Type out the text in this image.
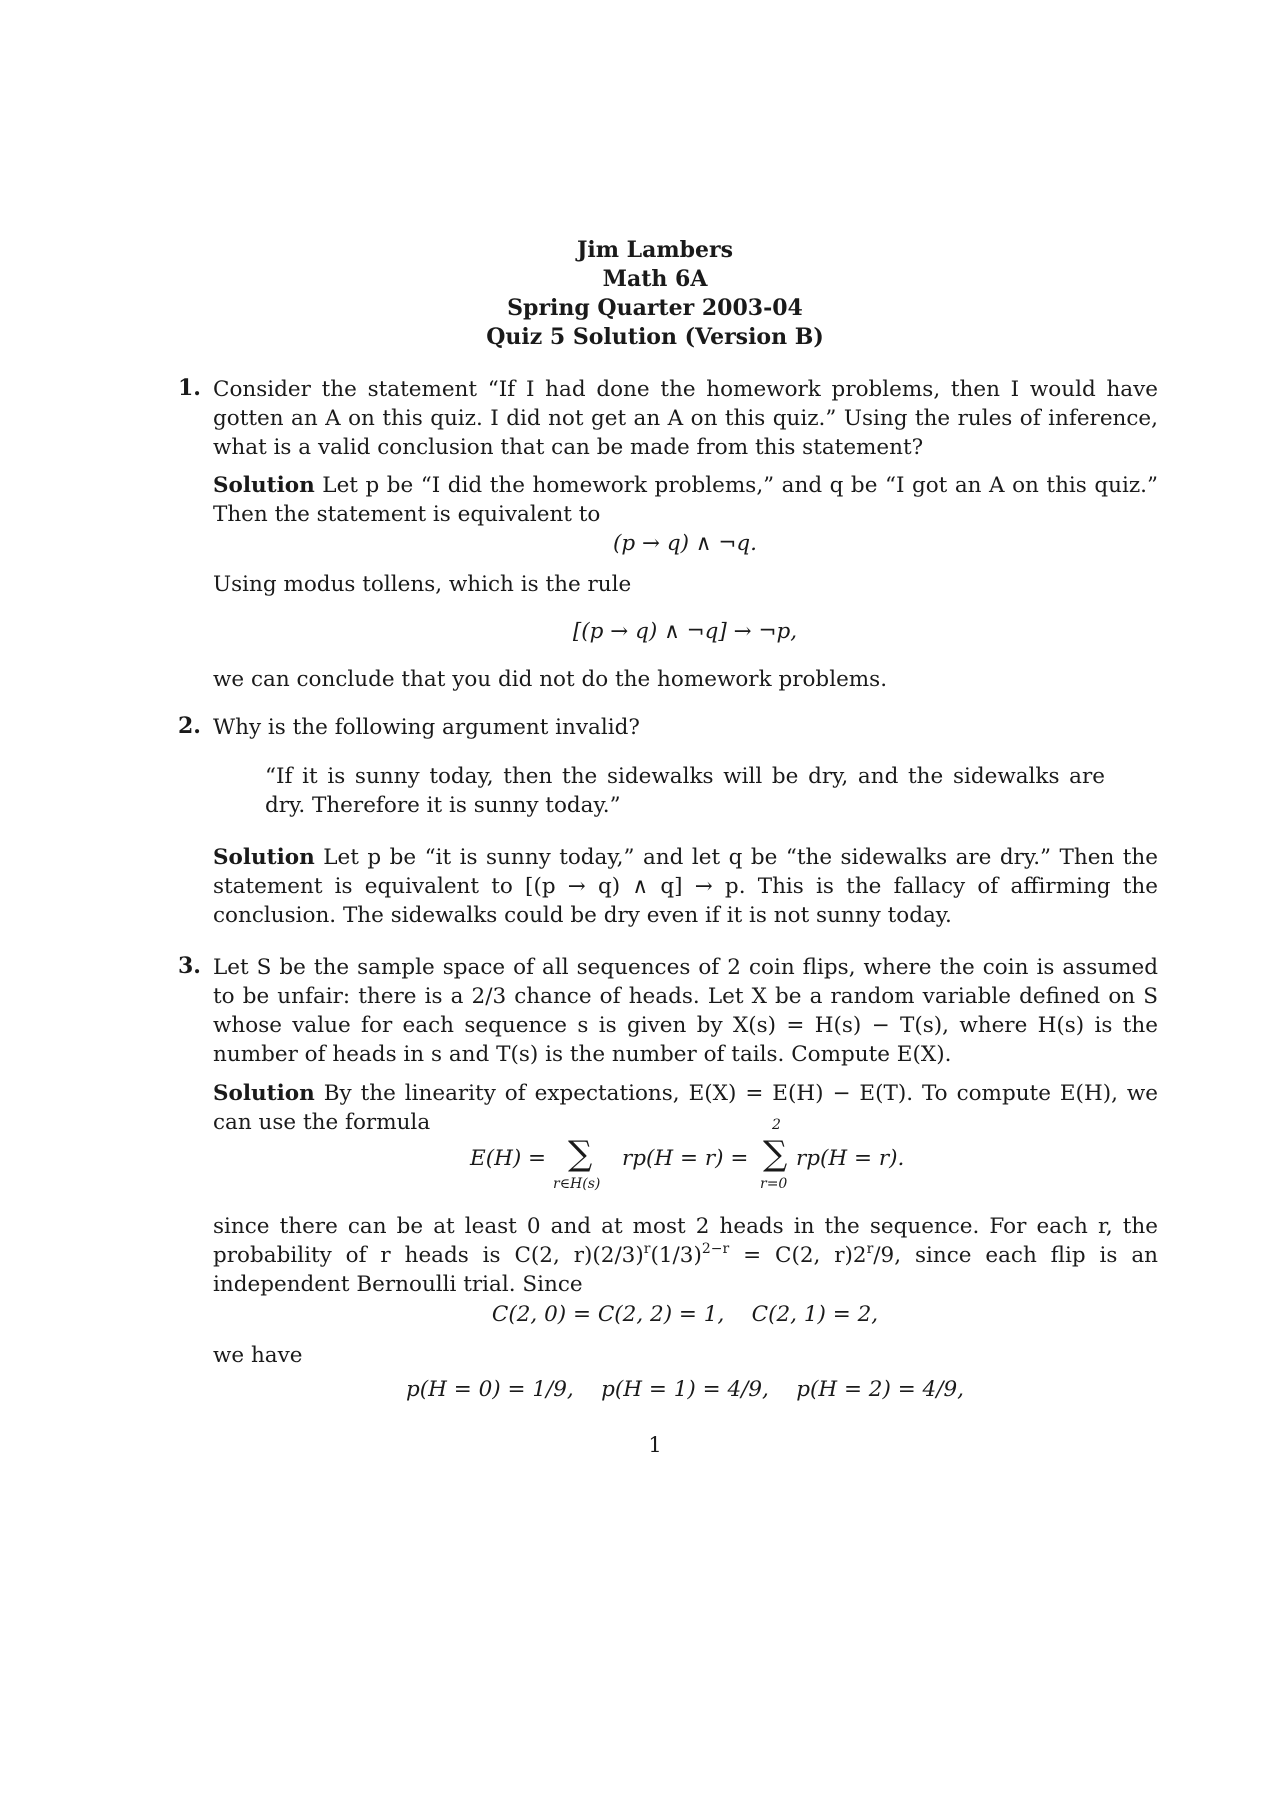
Jim Lambers
Math 6A
Spring Quarter 2003-04
Quiz 5 Solution (Version B)
1. Consider the statement “If I had done the homework problems, then I would have gotten an A on this quiz. I did not get an A on this quiz.” Using the rules of inference, what is a valid conclusion that can be made from this statement?
Solution Let p be “I did the homework problems,” and q be “I got an A on this quiz.” Then the statement is equivalent to
(p → q) ∧ ¬q.
Using modus tollens, which is the rule
[(p → q) ∧ ¬q] → ¬p,
we can conclude that you did not do the homework problems.
2. Why is the following argument invalid?
“If it is sunny today, then the sidewalks will be dry, and the sidewalks are dry. Therefore it is sunny today.”
Solution Let p be “it is sunny today,” and let q be “the sidewalks are dry.” Then the statement is equivalent to [(p → q) ∧ q] → p. This is the fallacy of affirming the conclusion. The sidewalks could be dry even if it is not sunny today.
3. Let S be the sample space of all sequences of 2 coin flips, where the coin is assumed to be unfair: there is a 2/3 chance of heads. Let X be a random variable defined on S whose value for each sequence s is given by X(s) = H(s) − T(s), where H(s) is the number of heads in s and T(s) is the number of tails. Compute E(X).
Solution By the linearity of expectations, E(X) = E(H) − E(T). To compute E(H), we can use the formula
E(H) = ∑
r∈H(s)
rp(H = r) =
2
∑
r=0
rp(H = r).
since there can be at least 0 and at most 2 heads in the sequence. For each r, the probability of r heads is C(2, $r)(2/3)^r(1/3)^{2-r} = C(2$, r)2$^r$/9, since each flip is an independent Bernoulli trial. Since
C(2, 0) = C(2, 2) = 1,    C(2, 1) = 2,
we have
p(H = 0) = 1/9,    p(H = 1) = 4/9,    p(H = 2) = 4/9,
1
